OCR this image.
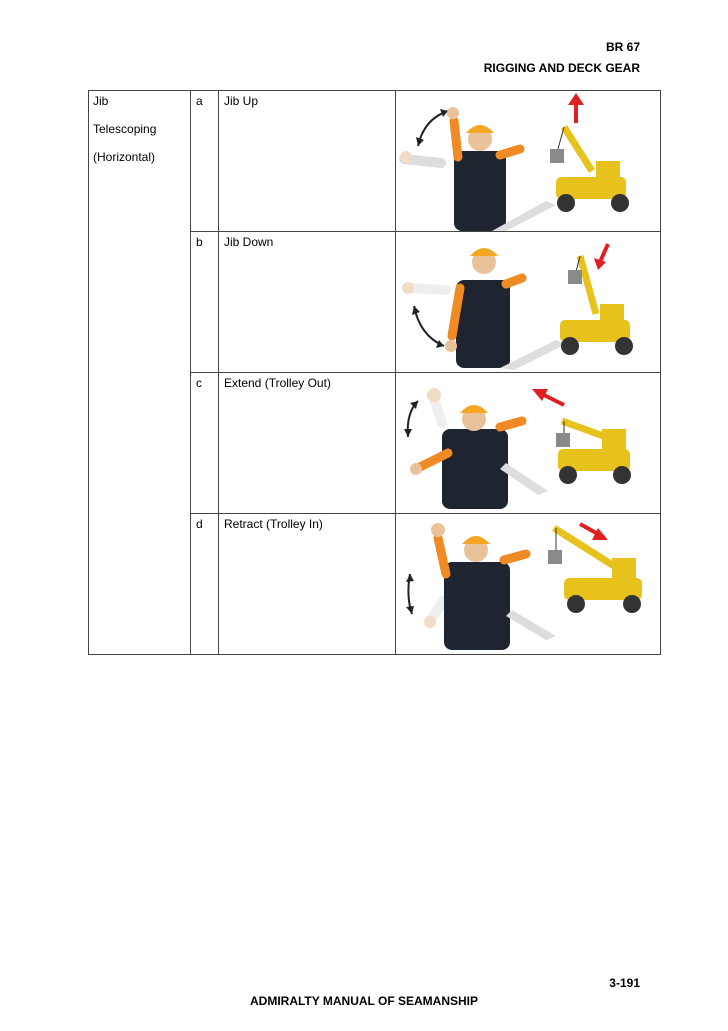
BR 67
RIGGING AND DECK GEAR

Jib

Telescoping

(Horizontal)	a	Jib Up	

	b	Jib Down	

	c	Extend (Trolley Out)	

	d	Retract (Trolley In)	
3-191
ADMIRALTY MANUAL OF SEAMANSHIP
